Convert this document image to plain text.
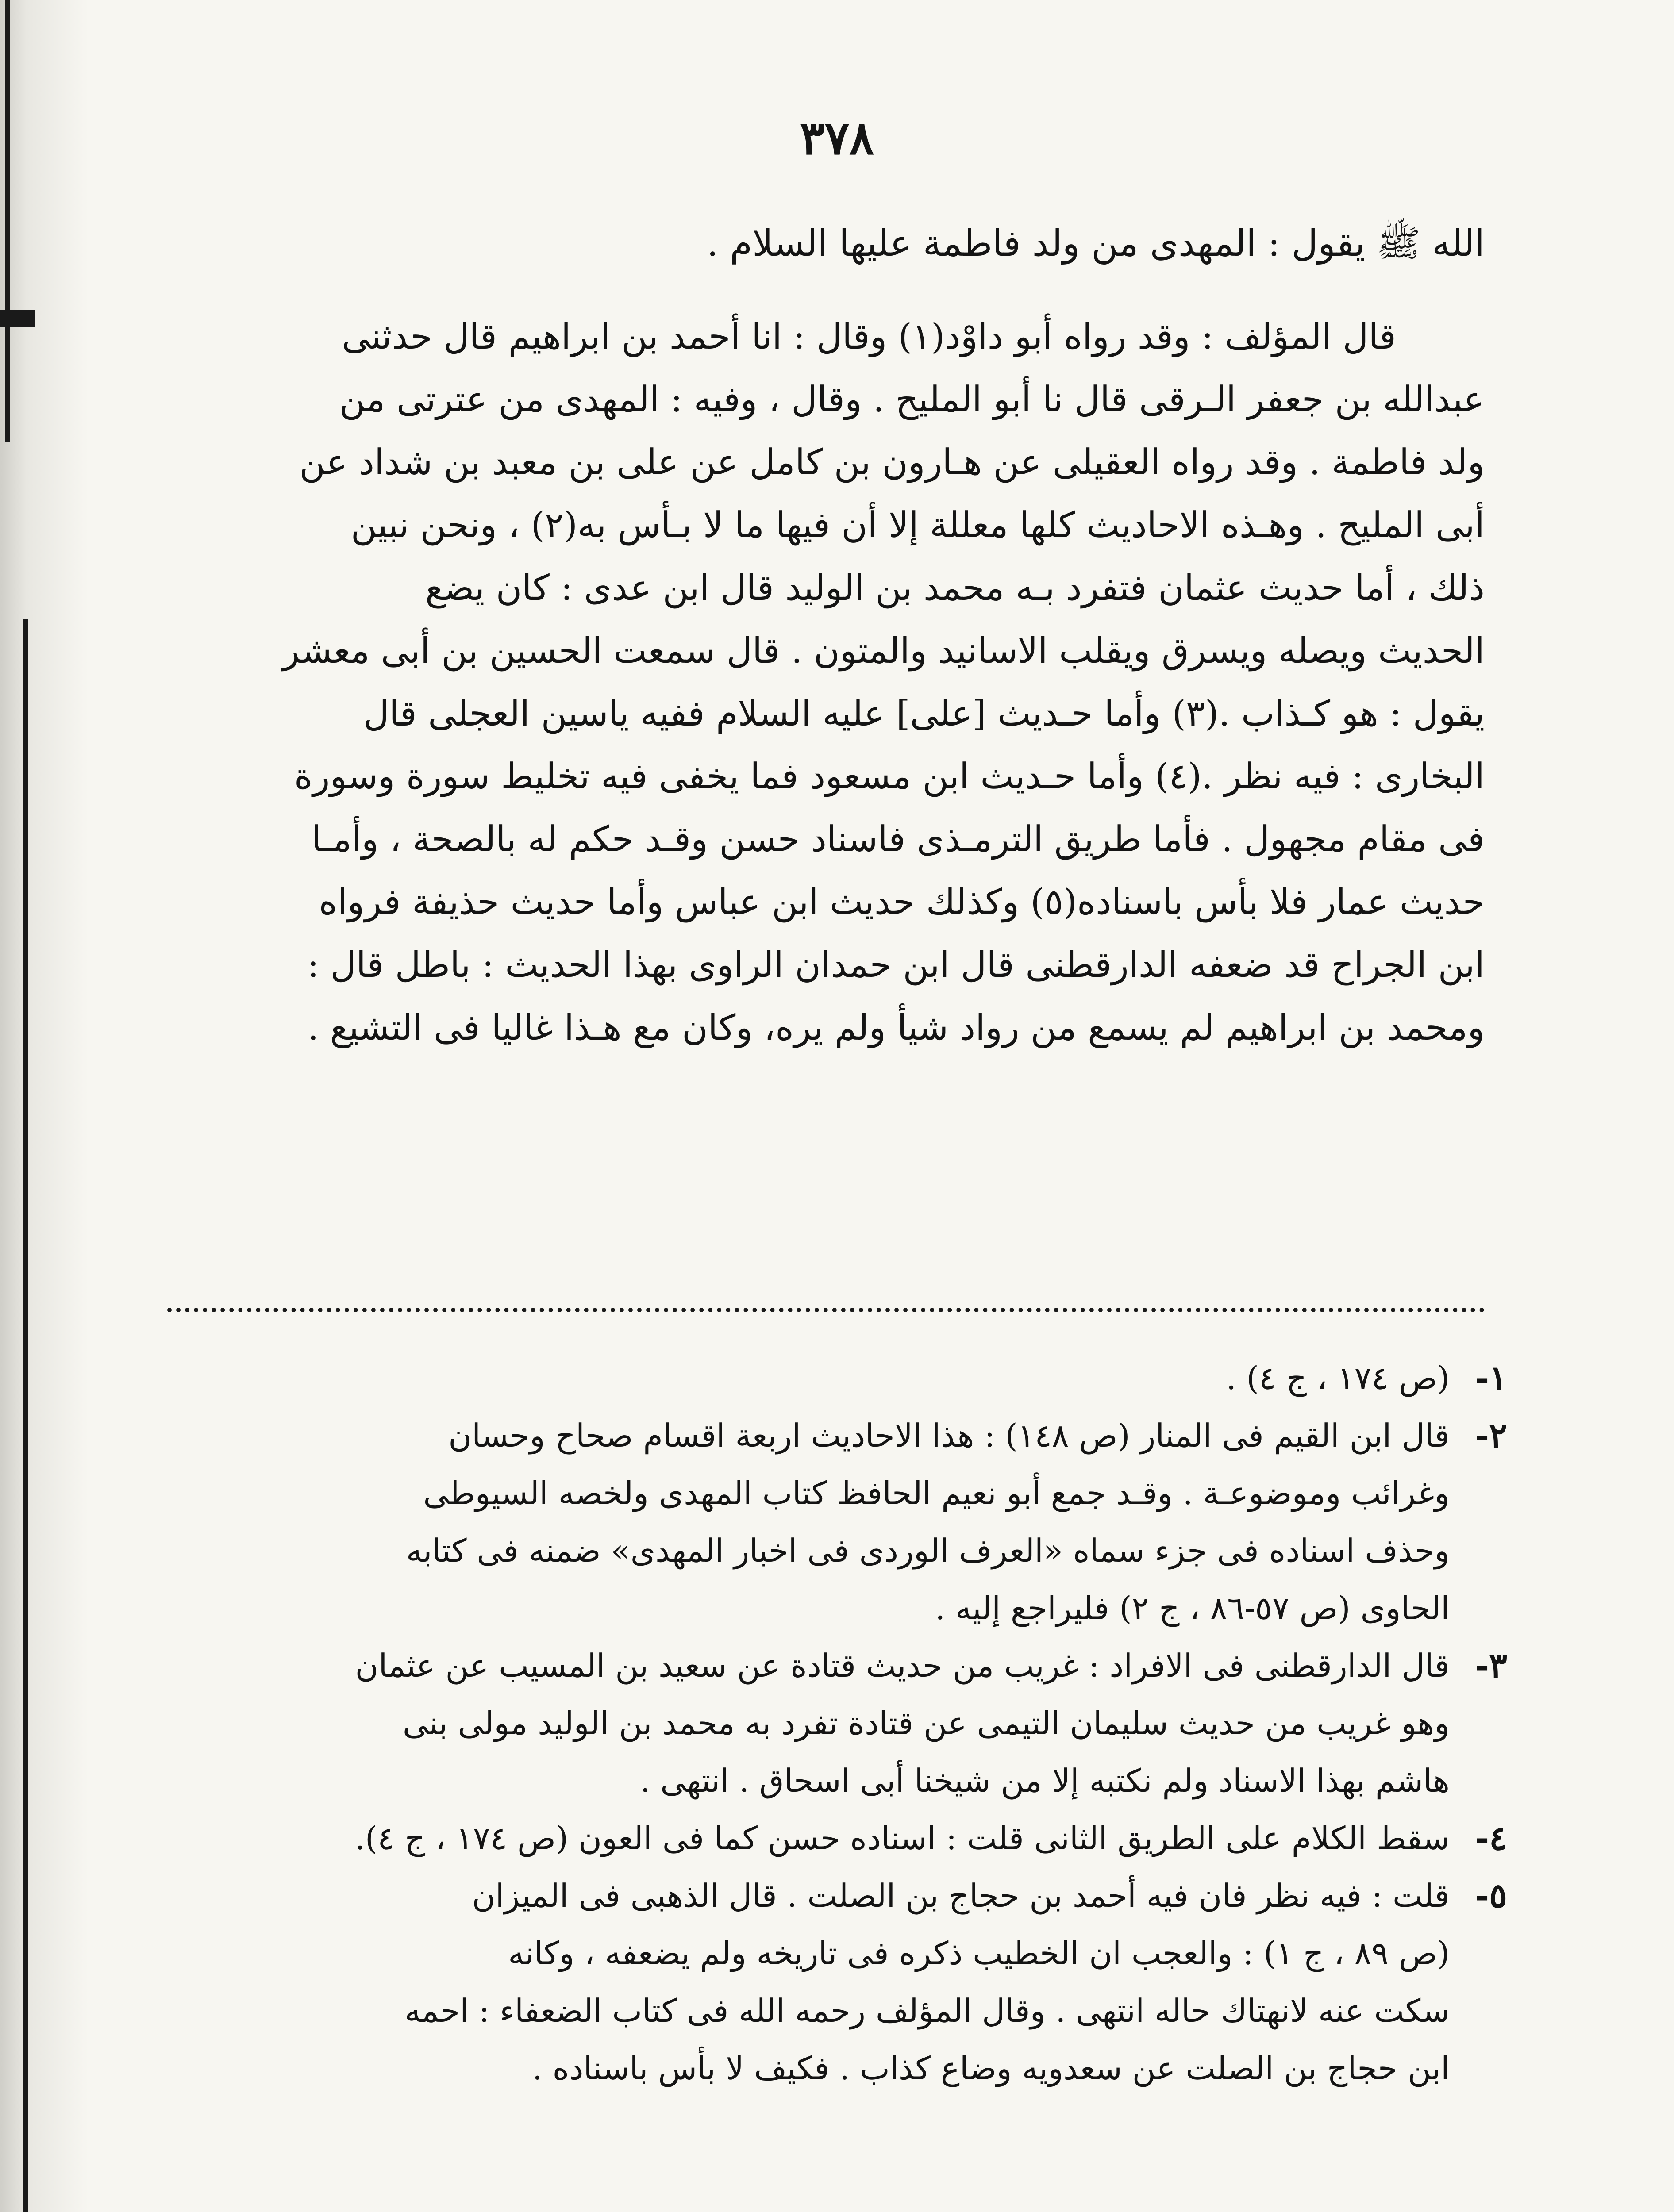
٣٧٨
الله ﷺ يقول : المهدى من ولد فاطمة عليها السلام .
قال المؤلف : وقد رواه أبو داوْد(١) وقال : انا أحمد بن ابراهيم قال حدثنى
عبدالله بن جعفر الـرقى قال نا أبو المليح . وقال ، وفيه : المهدى من عترتى من
ولد فاطمة . وقد رواه العقيلى عن هـارون بن كامل عن على بن معبد بن شداد عن
أبى المليح . وهـذه الاحاديث كلها معللة إلا أن فيها ما لا بـأس به(٢) ، ونحن نبين
ذلك ، أما حديث عثمان فتفرد بـه محمد بن الوليد قال ابن عدى : كان يضع
الحديث ويصله ويسرق ويقلب الاسانيد والمتون . قال سمعت الحسين بن أبى معشر
يقول : هو كـذاب .(٣) وأما حـديث [على] عليه السلام ففيه ياسين العجلى قال
البخارى : فيه نظر .(٤) وأما حـديث ابن مسعود فما يخفى فيه تخليط سورة وسورة
فى مقام مجهول . فأما طريق الترمـذى فاسناد حسن وقـد حكم له بالصحة ، وأمـا
حديث عمار فلا بأس باسناده(٥) وكذلك حديث ابن عباس وأما حديث حذيفة فرواه
ابن الجراح قد ضعفه الدارقطنى قال ابن حمدان الراوى بهذا الحديث : باطل قال :
ومحمد بن ابراهيم لم يسمع من رواد شيأ ولم يره، وكان مع هـذا غاليا فى التشيع .
١-
(ص ١٧٤ ، ج ٤) .
٢-
قال ابن القيم فى المنار (ص ١٤٨) : هذا الاحاديث اربعة اقسام صحاح وحسان
وغرائب وموضوعـة . وقـد جمع أبو نعيم الحافظ كتاب المهدى ولخصه السيوطى
وحذف اسناده فى جزء سماه «العرف الوردى فى اخبار المهدى» ضمنه فى كتابه
الحاوى (ص ٥٧-٨٦ ، ج ٢) فليراجع إليه .
٣-
قال الدارقطنى فى الافراد : غريب من حديث قتادة عن سعيد بن المسيب عن عثمان
وهو غريب من حديث سليمان التيمى عن قتادة تفرد به محمد بن الوليد مولى بنى
هاشم بهذا الاسناد ولم نكتبه إلا من شيخنا أبى اسحاق . انتهى .
٤-
سقط الكلام على الطريق الثانى قلت : اسناده حسن كما فى العون (ص ١٧٤ ، ج ٤).
٥-
قلت : فيه نظر فان فيه أحمد بن حجاج بن الصلت . قال الذهبى فى الميزان
(ص ٨٩ ، ج ١) : والعجب ان الخطيب ذكره فى تاريخه ولم يضعفه ، وكانه
سكت عنه لانهتاك حاله انتهى . وقال المؤلف رحمه الله فى كتاب الضعفاء : احمه
ابن حجاج بن الصلت عن سعدويه وضاع كذاب . فكيف لا بأس باسناده .
